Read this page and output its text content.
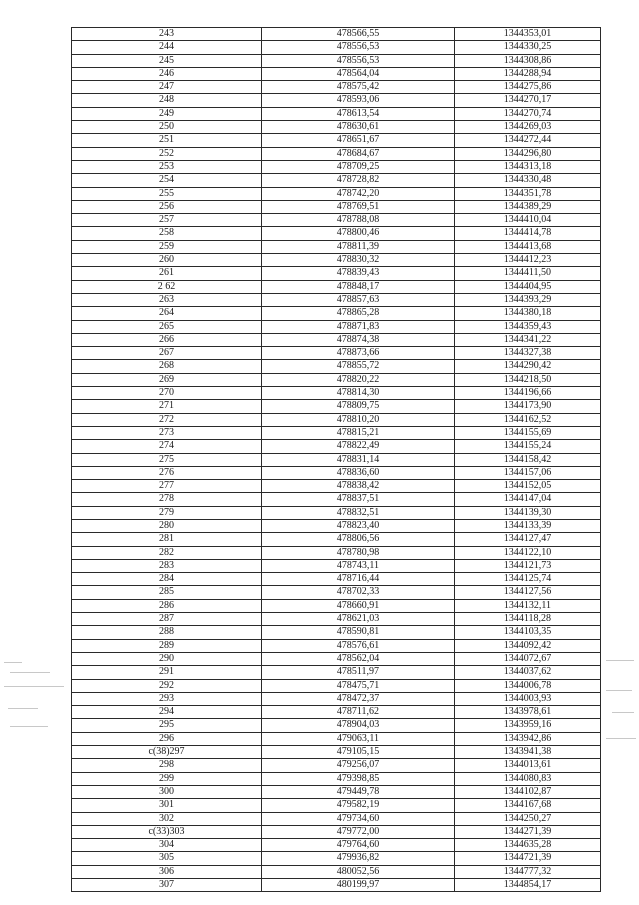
243	478566,55	1344353,01
244	478556,53	1344330,25
245	478556,53	1344308,86
246	478564,04	1344288,94
247	478575,42	1344275,86
248	478593,06	1344270,17
249	478613,54	1344270,74
250	478630,61	1344269,03
251	478651,67	1344272,44
252	478684,67	1344296,80
253	478709,25	1344313,18
254	478728,82	1344330,48
255	478742,20	1344351,78
256	478769,51	1344389,29
257	478788,08	1344410,04
258	478800,46	1344414,78
259	478811,39	1344413,68
260	478830,32	1344412,23
261	478839,43	1344411,50
2 62	478848,17	1344404,95
263	478857,63	1344393,29
264	478865,28	1344380,18
265	478871,83	1344359,43
266	478874,38	1344341,22
267	478873,66	1344327,38
268	478855,72	1344290,42
269	478820,22	1344218,50
270	478814,30	1344196,66
271	478809,75	1344173,90
272	478810,20	1344162,52
273	478815,21	1344155,69
274	478822,49	1344155,24
275	478831,14	1344158,42
276	478836,60	1344157,06
277	478838,42	1344152,05
278	478837,51	1344147,04
279	478832,51	1344139,30
280	478823,40	1344133,39
281	478806,56	1344127,47
282	478780,98	1344122,10
283	478743,11	1344121,73
284	478716,44	1344125,74
285	478702,33	1344127,56
286	478660,91	1344132,11
287	478621,03	1344118,28
288	478590,81	1344103,35
289	478576,61	1344092,42
290	478562,04	1344072,67
291	478511,97	1344037,62
292	478475,71	1344006,78
293	478472,37	1344003,93
294	478711,62	1343978,61
295	478904,03	1343959,16
296	479063,11	1343942,86
c(38)297	479105,15	1343941,38
298	479256,07	1344013,61
299	479398,85	1344080,83
300	479449,78	1344102,87
301	479582,19	1344167,68
302	479734,60	1344250,27
c(33)303	479772,00	1344271,39
304	479764,60	1344635,28
305	479936,82	1344721,39
306	480052,56	1344777,32
307	480199,97	1344854,17
